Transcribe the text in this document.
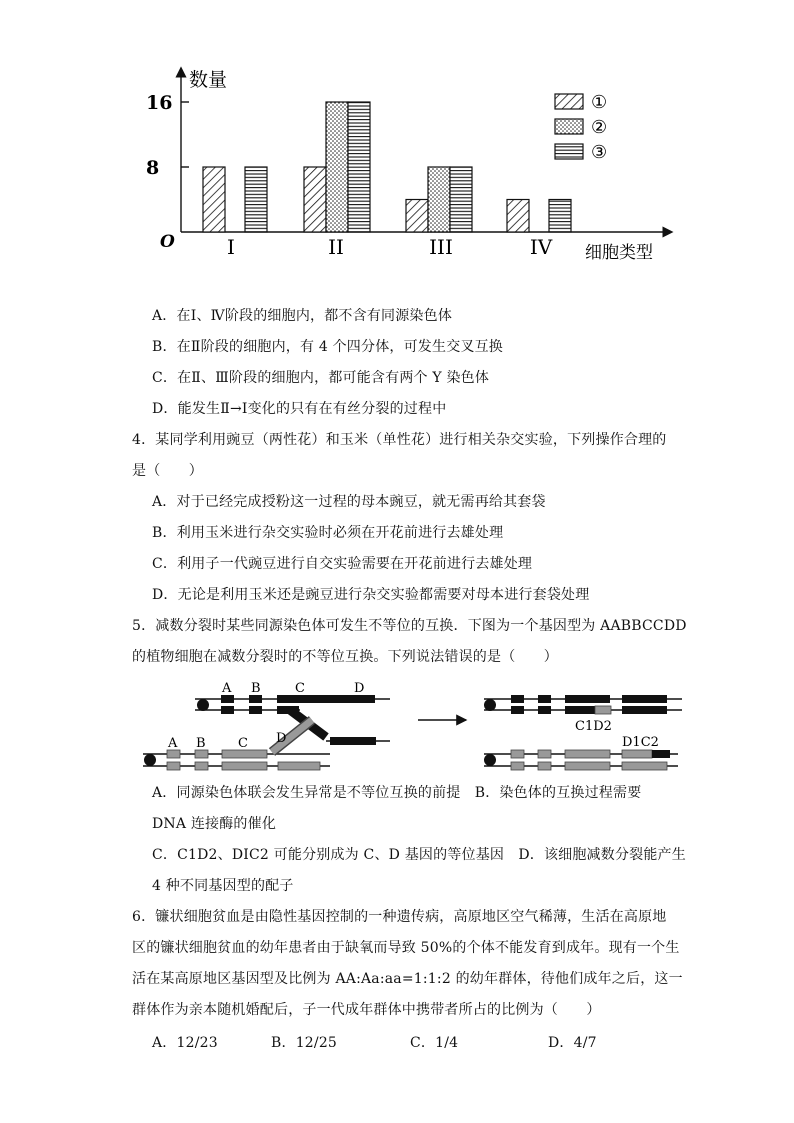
数量
细胞类型
O
8
16
I	II	III	IV
①
②
③
A．在Ⅰ、Ⅳ阶段的细胞内，都不含有同源染色体
B．在Ⅱ阶段的细胞内，有 4 个四分体，可发生交叉互换
C．在Ⅱ、Ⅲ阶段的细胞内，都可能含有两个 Y 染色体
D．能发生Ⅱ→Ⅰ变化的只有在有丝分裂的过程中
4．某同学利用豌豆（两性花）和玉米（单性花）进行相关杂交实验，下列操作合理的
是（　　）
A．对于已经完成授粉这一过程的母本豌豆，就无需再给其套袋
B．利用玉米进行杂交实验时必须在开花前进行去雄处理
C．利用子一代豌豆进行自交实验需要在开花前进行去雄处理
D．无论是利用玉米还是豌豆进行杂交实验都需要对母本进行套袋处理
5．减数分裂时某些同源染色体可发生不等位的互换．下图为一个基因型为 AABBCCDD
的植物细胞在减数分裂时的不等位互换。下列说法错误的是（　　）
A B	C	D
A B C D
C1D2
D1C2
A．同源染色体联会发生异常是不等位互换的前提　B．染色体的互换过程需要
DNA 连接酶的催化
C．C1D2、DIC2 可能分别成为 C、D 基因的等位基因　D．该细胞减数分裂能产生
4 种不同基因型的配子
6．镰状细胞贫血是由隐性基因控制的一种遗传病，高原地区空气稀薄，生活在高原地
区的镰状细胞贫血的幼年患者由于缺氧而导致 50%的个体不能发育到成年。现有一个生
活在某高原地区基因型及比例为 AA:Aa:aa=1:1:2 的幼年群体，待他们成年之后，这一
群体作为亲本随机婚配后，子一代成年群体中携带者所占的比例为（　　）
A．12/23	B．12/25	C．1/4	D．4/7
